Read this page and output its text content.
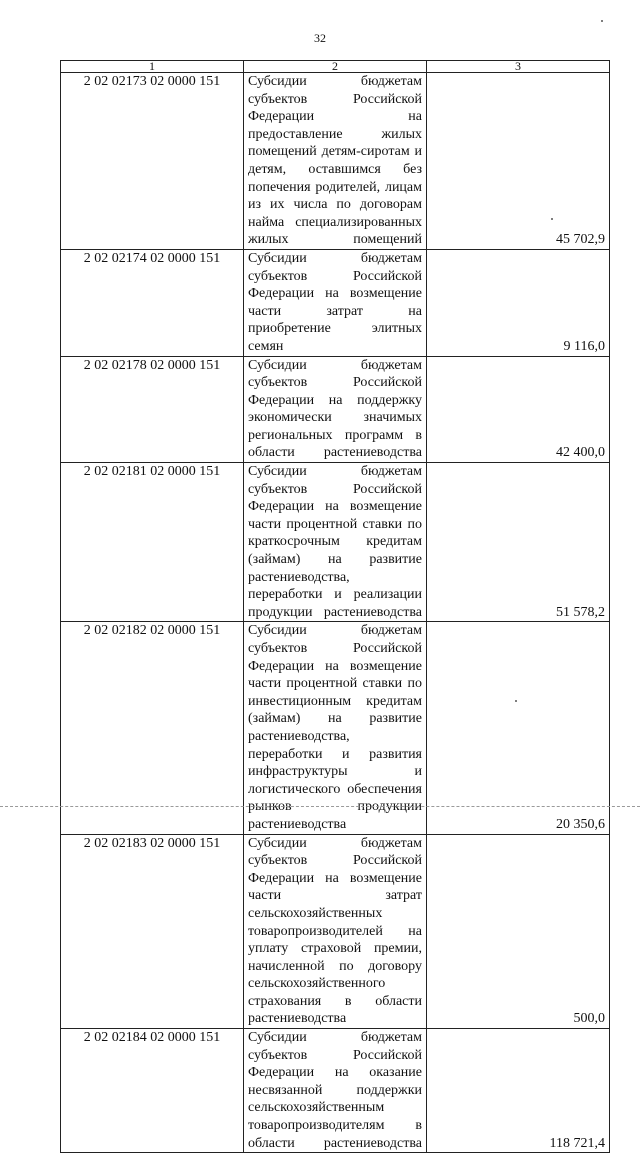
32
1	2	3
2 02 02173 02 0000 151	Субсидии бюджетам субъектов Российской Федерации на предоставление жилых помещений детям-сиротам и детям, оставшимся без попечения родителей, лицам из их числа по договорам найма специализированных жилых помещений	45 702,9
2 02 02174 02 0000 151	Субсидии бюджетам субъектов Российской Федерации на возмещение части затрат на приобретение элитных семян	9 116,0
2 02 02178 02 0000 151	Субсидии бюджетам субъектов Российской Федерации на поддержку экономически значимых региональных программ в области растениеводства	42 400,0
2 02 02181 02 0000 151	Субсидии бюджетам субъектов Российской Федерации на возмещение части процентной ставки по краткосрочным кредитам (займам) на развитие растениеводства, переработки и реализации продукции растениеводства	51 578,2
2 02 02182 02 0000 151	Субсидии бюджетам субъектов Российской Федерации на возмещение части процентной ставки по инвестиционным кредитам (займам) на развитие растениеводства, переработки и развития инфраструктуры и логистического обеспечения рынков продукции растениеводства	20 350,6
2 02 02183 02 0000 151	Субсидии бюджетам субъектов Российской Федерации на возмещение части затрат сельскохозяйственных товаропроизводителей на уплату страховой премии, начисленной по договору сельскохозяйственного страхования в области растениеводства	500,0
2 02 02184 02 0000 151	Субсидии бюджетам субъектов Российской Федерации на оказание несвязанной поддержки сельскохозяйственным товаропроизводителям в области растениеводства	118 721,4
